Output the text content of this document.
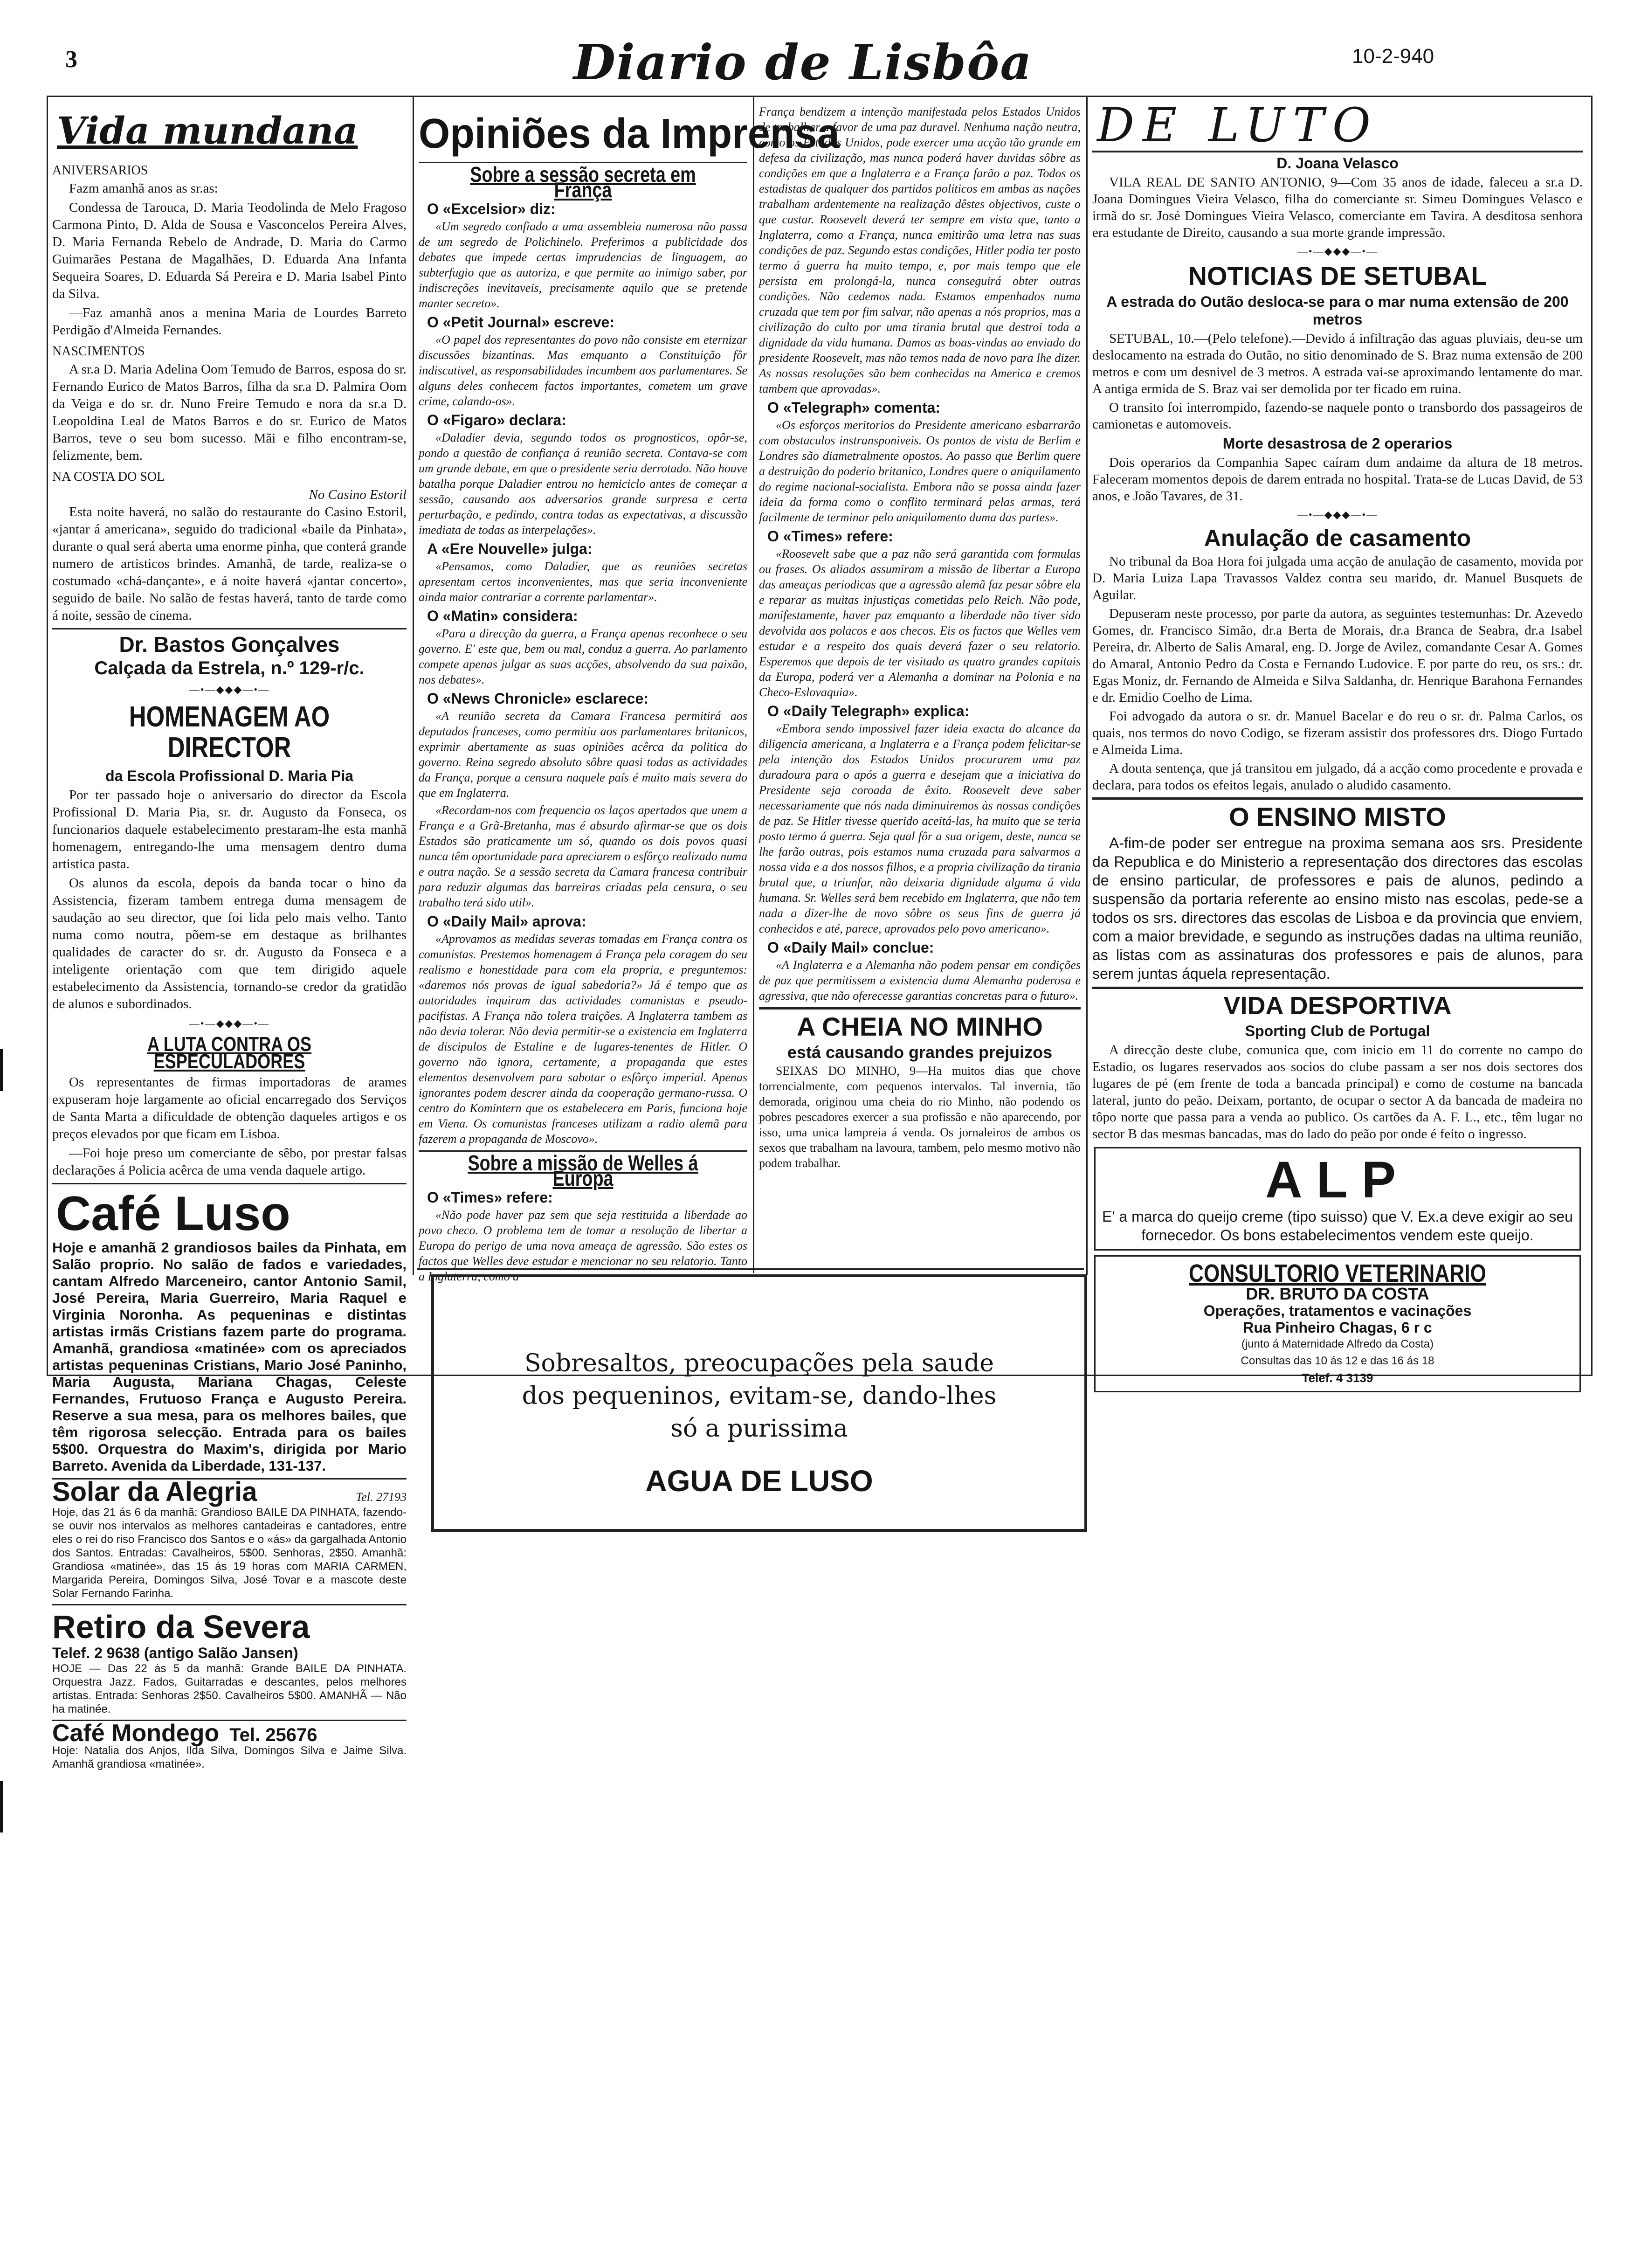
3	Diario de Lisbôa	10-2-940
Vida mundana
ANIVERSARIOS

Fazm amanhã anos as sr.as:

Condessa de Tarouca, D. Maria Teodolinda de Melo Fragoso Carmona Pinto, D. Alda de Sousa e Vasconcelos Pereira Alves, D. Maria Fernanda Rebelo de Andrade, D. Maria do Carmo Guimarães Pestana de Magalhães, D. Eduarda Ana Infanta Sequeira Soares, D. Eduarda Sá Pereira e D. Maria Isabel Pinto da Silva.

—Faz amanhã anos a menina Maria de Lourdes Barreto Perdigão d'Almeida Fernandes.

NASCIMENTOS

A sr.a D. Maria Adelina Oom Temudo de Barros, esposa do sr. Fernando Eurico de Matos Barros, filha da sr.a D. Palmira Oom da Veiga e do sr. dr. Nuno Freire Temudo e nora da sr.a D. Leopoldina Leal de Matos Barros e do sr. Eurico de Matos Barros, teve o seu bom sucesso. Mãi e filho encontram-se, felizmente, bem.

NA COSTA DO SOL
No Casino Estoril

Esta noite haverá, no salão do restaurante do Casino Estoril, «jantar á americana», seguido do tradicional «baile da Pinhata», durante o qual será aberta uma enorme pinha, que conterá grande numero de artisticos brindes. Amanhã, de tarde, realiza-se o costumado «chá-dançante», e á noite haverá «jantar concerto», seguido de baile. No salão de festas haverá, tanto de tarde como á noite, sessão de cinema.

Dr. Bastos Gonçalves
Calçada da Estrela, n.º 129-r/c.
—•—◆◆◆—•—
HOMENAGEM AO DIRECTOR
da Escola Profissional D. Maria Pia

Por ter passado hoje o aniversario do director da Escola Profissional D. Maria Pia, sr. dr. Augusto da Fonseca, os funcionarios daquele estabelecimento prestaram-lhe esta manhã homenagem, entregando-lhe uma mensagem dentro duma artistica pasta.

Os alunos da escola, depois da banda tocar o hino da Assistencia, fizeram tambem entrega duma mensagem de saudação ao seu director, que foi lida pelo mais velho. Tanto numa como noutra, põem-se em destaque as brilhantes qualidades de caracter do sr. dr. Augusto da Fonseca e a inteligente orientação com que tem dirigido aquele estabelecimento da Assistencia, tornando-se credor da gratidão de alunos e subordinados.

—•—◆◆◆—•—
A LUTA CONTRA OS ESPECULADORES

Os representantes de firmas importadoras de arames expuseram hoje largamente ao oficial encarregado dos Serviços de Santa Marta a dificuldade de obtenção daqueles artigos e os preços elevados por que ficam em Lisboa.

—Foi hoje preso um comerciante de sêbo, por prestar falsas declarações á Policia acêrca de uma venda daquele artigo.

Café Luso
Hoje e amanhã 2 grandiosos bailes da Pinhata, em Salão proprio. No salão de fados e variedades, cantam Alfredo Marceneiro, cantor Antonio Samil, José Pereira, Maria Guerreiro, Maria Raquel e Virginia Noronha. As pequeninas e distintas artistas irmãs Cristians fazem parte do programa. Amanhã, grandiosa «matinée» com os apreciados artistas pequeninas Cristians, Mario José Paninho, Maria Augusta, Mariana Chagas, Celeste Fernandes, Frutuoso França e Augusto Pereira. Reserve a sua mesa, para os melhores bailes, que têm rigorosa selecção. Entrada para os bailes 5$00. Orquestra do Maxim's, dirigida por Mario Barreto. Avenida da Liberdade, 131-137.
Solar da Alegria	Tel. 27193
Hoje, das 21 ás 6 da manhã: Grandioso BAILE DA PINHATA, fazendo-se ouvir nos intervalos as melhores cantadeiras e cantadores, entre eles o rei do riso Francisco dos Santos e o «ás» da gargalhada Antonio dos Santos. Entradas: Cavalheiros, 5$00. Senhoras, 2$50. Amanhã: Grandiosa «matinée», das 15 ás 19 horas com MARIA CARMEN, Margarida Pereira, Domingos Silva, José Tovar e a mascote deste Solar Fernando Farinha.
Retiro da Severa
Telef. 2 9638 (antigo Salão Jansen)
HOJE — Das 22 ás 5 da manhã: Grande BAILE DA PINHATA. Orquestra Jazz. Fados, Guitarradas e descantes, pelos melhores artistas. Entrada: Senhoras 2$50. Cavalheiros 5$00. AMANHÃ — Não ha matinée.
Café Mondego Tel. 25676
Hoje: Natalia dos Anjos, Ilda Silva, Domingos Silva e Jaime Silva. Amanhã grandiosa «matinée».
Opiniões da Imprensa
Sobre a sessão secreta em França
O «Excelsior» diz:

«Um segredo confiado a uma assembleia numerosa não passa de um segredo de Polichinelo. Preferimos a publicidade dos debates que impede certas imprudencias de linguagem, ao subterfugio que as autoriza, e que permite ao inimigo saber, por indiscreções inevitaveis, precisamente aquilo que se pretende manter secreto».

O «Petit Journal» escreve:

«O papel dos representantes do povo não consiste em eternizar discussões bizantinas. Mas emquanto a Constituição fôr indiscutivel, as responsabilidades incumbem aos parlamentares. Se alguns deles conhecem factos importantes, cometem um grave crime, calando-os».

O «Figaro» declara:

«Daladier devia, segundo todos os prognosticos, opôr-se, pondo a questão de confiança á reunião secreta. Contava-se com um grande debate, em que o presidente seria derrotado. Não houve batalha porque Daladier entrou no hemiciclo antes de começar a sessão, causando aos adversarios grande surpresa e certa perturbação, e pedindo, contra todas as expectativas, a discussão imediata de todas as interpelações».

A «Ere Nouvelle» julga:

«Pensamos, como Daladier, que as reuniões secretas apresentam certos inconvenientes, mas que seria inconveniente ainda maior contrariar a corrente parlamentar».

O «Matin» considera:

«Para a direcção da guerra, a França apenas reconhece o seu governo. E' este que, bem ou mal, conduz a guerra. Ao parlamento compete apenas julgar as suas acções, absolvendo da sua paixão, nos debates».

O «News Chronicle» esclarece:

«A reunião secreta da Camara Francesa permitirá aos deputados franceses, como permitiu aos parlamentares britanicos, exprimir abertamente as suas opiniões acêrca da politica do governo. Reina segredo absoluto sôbre quasi todas as actividades da França, porque a censura naquele país é muito mais severa do que em Inglaterra.

«Recordam-nos com frequencia os laços apertados que unem a França e a Grã-Bretanha, mas é absurdo afirmar-se que os dois Estados são praticamente um só, quando os dois povos quasi nunca têm oportunidade para apreciarem o esfôrço realizado numa e outra nação. Se a sessão secreta da Camara francesa contribuir para reduzir algumas das barreiras criadas pela censura, o seu trabalho terá sido util».

O «Daily Mail» aprova:

«Aprovamos as medidas severas tomadas em França contra os comunistas. Prestemos homenagem á França pela coragem do seu realismo e honestidade para com ela propria, e preguntemos: «daremos nós provas de igual sabedoria?» Já é tempo que as autoridades inquiram das actividades comunistas e pseudo-pacifistas. A França não tolera traições. A Inglaterra tambem as não devia tolerar. Não devia permitir-se a existencia em Inglaterra de discipulos de Estaline e de lugares-tenentes de Hitler. O governo não ignora, certamente, a propaganda que estes elementos desenvolvem para sabotar o esfôrço imperial. Apenas ignorantes podem descrer ainda da cooperação germano-russa. O centro do Komintern que os estabelecera em Paris, funciona hoje em Viena. Os comunistas franceses utilizam a radio alemã para fazerem a propaganda de Moscovo».

Sobre a missão de Welles á Europa
O «Times» refere:

«Não pode haver paz sem que seja restituida a liberdade ao povo checo. O problema tem de tomar a resolução de libertar a Europa do perigo de uma nova ameaça de agressão. São estes os factos que Welles deve estudar e mencionar no seu relatorio. Tanto a Inglaterra, como a

França bendizem a intenção manifestada pelos Estados Unidos de trabalhar a favor de uma paz duravel. Nenhuma nação neutra, como os Estados Unidos, pode exercer uma acção tão grande em defesa da civilização, mas nunca poderá haver duvidas sôbre as condições em que a Inglaterra e a França farão a paz. Todos os estadistas de qualquer dos partidos politicos em ambas as nações trabalham ardentemente na realização dêstes objectivos, custe o que custar. Roosevelt deverá ter sempre em vista que, tanto a Inglaterra, como a França, nunca emitirão uma letra nas suas condições de paz. Segundo estas condições, Hitler podia ter posto termo á guerra ha muito tempo, e, por mais tempo que ele persista em prolongá-la, nunca conseguirá obter outras condições. Não cedemos nada. Estamos empenhados numa cruzada que tem por fim salvar, não apenas a nós proprios, mas a civilização do culto por uma tirania brutal que destroi toda a dignidade da vida humana. Damos as boas-vindas ao enviado do presidente Roosevelt, mas não temos nada de novo para lhe dizer. As nossas resoluções são bem conhecidas na America e cremos tambem que aprovadas».

O «Telegraph» comenta:

«Os esforços meritorios do Presidente americano esbarrarão com obstaculos instransponiveis. Os pontos de vista de Berlim e Londres são diametralmente opostos. Ao passo que Berlim quere a destruição do poderio britanico, Londres quere o aniquilamento do regime nacional-socialista. Embora não se possa ainda fazer ideia da forma como o conflito terminará pelas armas, terá facilmente de terminar pelo aniquilamento duma das partes».

O «Times» refere:

«Roosevelt sabe que a paz não será garantida com formulas ou frases. Os aliados assumiram a missão de libertar a Europa das ameaças periodicas que a agressão alemã faz pesar sôbre ela e reparar as muitas injustiças cometidas pelo Reich. Não pode, manifestamente, haver paz emquanto a liberdade não tiver sido devolvida aos polacos e aos checos. Eis os factos que Welles vem estudar e a respeito dos quais deverá fazer o seu relatorio. Esperemos que depois de ter visitado as quatro grandes capitais da Europa, poderá ver a Alemanha a dominar na Polonia e na Checo-Eslovaquia».

O «Daily Telegraph» explica:

«Embora sendo impossivel fazer ideia exacta do alcance da diligencia americana, a Inglaterra e a França podem felicitar-se pela intenção dos Estados Unidos procurarem uma paz duradoura para o após a guerra e desejam que a iniciativa do Presidente seja coroada de êxito. Roosevelt deve saber necessariamente que nós nada diminuiremos às nossas condições de paz. Se Hitler tivesse querido aceitá-las, ha muito que se teria posto termo á guerra. Seja qual fôr a sua origem, deste, nunca se lhe farão outras, pois estamos numa cruzada para salvarmos a nossa vida e a dos nossos filhos, e a propria civilização da tirania brutal que, a triunfar, não deixaria dignidade alguma á vida humana. Sr. Welles será bem recebido em Inglaterra, que não tem nada a dizer-lhe de novo sôbre os seus fins de guerra já conhecidos e até, parece, aprovados pelo povo americano».

O «Daily Mail» conclue:

«A Inglaterra e a Alemanha não podem pensar em condições de paz que permitissem a existencia duma Alemanha poderosa e agressiva, que não oferecesse garantias concretas para o futuro».

A CHEIA NO MINHO
está causando grandes prejuizos

SEIXAS DO MINHO, 9—Ha muitos dias que chove torrencialmente, com pequenos intervalos. Tal invernia, tão demorada, originou uma cheia do rio Minho, não podendo os pobres pescadores exercer a sua profissão e não aparecendo, por isso, uma unica lampreia á venda. Os jornaleiros de ambos os sexos que trabalham na lavoura, tambem, pelo mesmo motivo não podem trabalhar.

DE LUTO
D. Joana Velasco

VILA REAL DE SANTO ANTONIO, 9—Com 35 anos de idade, faleceu a sr.a D. Joana Domingues Vieira Velasco, filha do comerciante sr. Simeu Domingues Velasco e irmã do sr. José Domingues Vieira Velasco, comerciante em Tavira. A desditosa senhora era estudante de Direito, causando a sua morte grande impressão.

—•—◆◆◆—•—
NOTICIAS DE SETUBAL
A estrada do Outão desloca-se para o mar numa extensão de 200 metros

SETUBAL, 10.—(Pelo telefone).—Devido á infiltração das aguas pluviais, deu-se um deslocamento na estrada do Outão, no sitio denominado de S. Braz numa extensão de 200 metros e com um desnivel de 3 metros. A estrada vai-se aproximando lentamente do mar. A antiga ermida de S. Braz vai ser demolida por ter ficado em ruina.

O transito foi interrompido, fazendo-se naquele ponto o transbordo dos passageiros de camionetas e automoveis.

Morte desastrosa de 2 operarios

Dois operarios da Companhia Sapec caíram dum andaime da altura de 18 metros. Faleceram momentos depois de darem entrada no hospital. Trata-se de Lucas David, de 53 anos, e João Tavares, de 31.

—•—◆◆◆—•—
Anulação de casamento

No tribunal da Boa Hora foi julgada uma acção de anulação de casamento, movida por D. Maria Luiza Lapa Travassos Valdez contra seu marido, dr. Manuel Busquets de Aguilar.

Depuseram neste processo, por parte da autora, as seguintes testemunhas: Dr. Azevedo Gomes, dr. Francisco Simão, dr.a Berta de Morais, dr.a Branca de Seabra, dr.a Isabel Pereira, dr. Alberto de Salis Amaral, eng. D. Jorge de Avilez, comandante Cesar A. Gomes do Amaral, Antonio Pedro da Costa e Fernando Ludovice. E por parte do reu, os srs.: dr. Egas Moniz, dr. Fernando de Almeida e Silva Saldanha, dr. Henrique Barahona Fernandes e dr. Emidio Coelho de Lima.

Foi advogado da autora o sr. dr. Manuel Bacelar e do reu o sr. dr. Palma Carlos, os quais, nos termos do novo Codigo, se fizeram assistir dos professores drs. Diogo Furtado e Almeida Lima.

A douta sentença, que já transitou em julgado, dá a acção como procedente e provada e declara, para todos os efeitos legais, anulado o aludido casamento.

O ENSINO MISTO

A-fim-de poder ser entregue na proxima semana aos srs. Presidente da Republica e do Ministerio a representação dos directores das escolas de ensino particular, de professores e pais de alunos, pedindo a suspensão da portaria referente ao ensino misto nas escolas, pede-se a todos os srs. directores das escolas de Lisboa e da provincia que enviem, com a maior brevidade, e segundo as instruções dadas na ultima reunião, as listas com as assinaturas dos professores e pais de alunos, para serem juntas áquela representação.

VIDA DESPORTIVA
Sporting Club de Portugal

A direcção deste clube, comunica que, com inicio em 11 do corrente no campo do Estadio, os lugares reservados aos socios do clube passam a ser nos dois sectores dos lugares de pé (em frente de toda a bancada principal) e como de costume na bancada lateral, junto do peão. Deixam, portanto, de ocupar o sector A da bancada de madeira no tôpo norte que passa para a venda ao publico. Os cartões da A. F. L., etc., têm lugar no sector B das mesmas bancadas, mas do lado do peão por onde é feito o ingresso.

ALP
E' a marca do queijo creme (tipo suisso) que V. Ex.a deve exigir ao seu fornecedor. Os bons estabelecimentos vendem este queijo.
CONSULTORIO VETERINARIO
DR. BRUTO DA COSTA
Operações, tratamentos e vacinações
Rua Pinheiro Chagas, 6 r c
(junto á Maternidade Alfredo da Costa)
Consultas das 10 ás 12 e das 16 ás 18
Telef. 4 3139
Sobresaltos, preocupações pela saude dos pequeninos, evitam-se, dando-lhes só a purissima
AGUA DE LUSO
